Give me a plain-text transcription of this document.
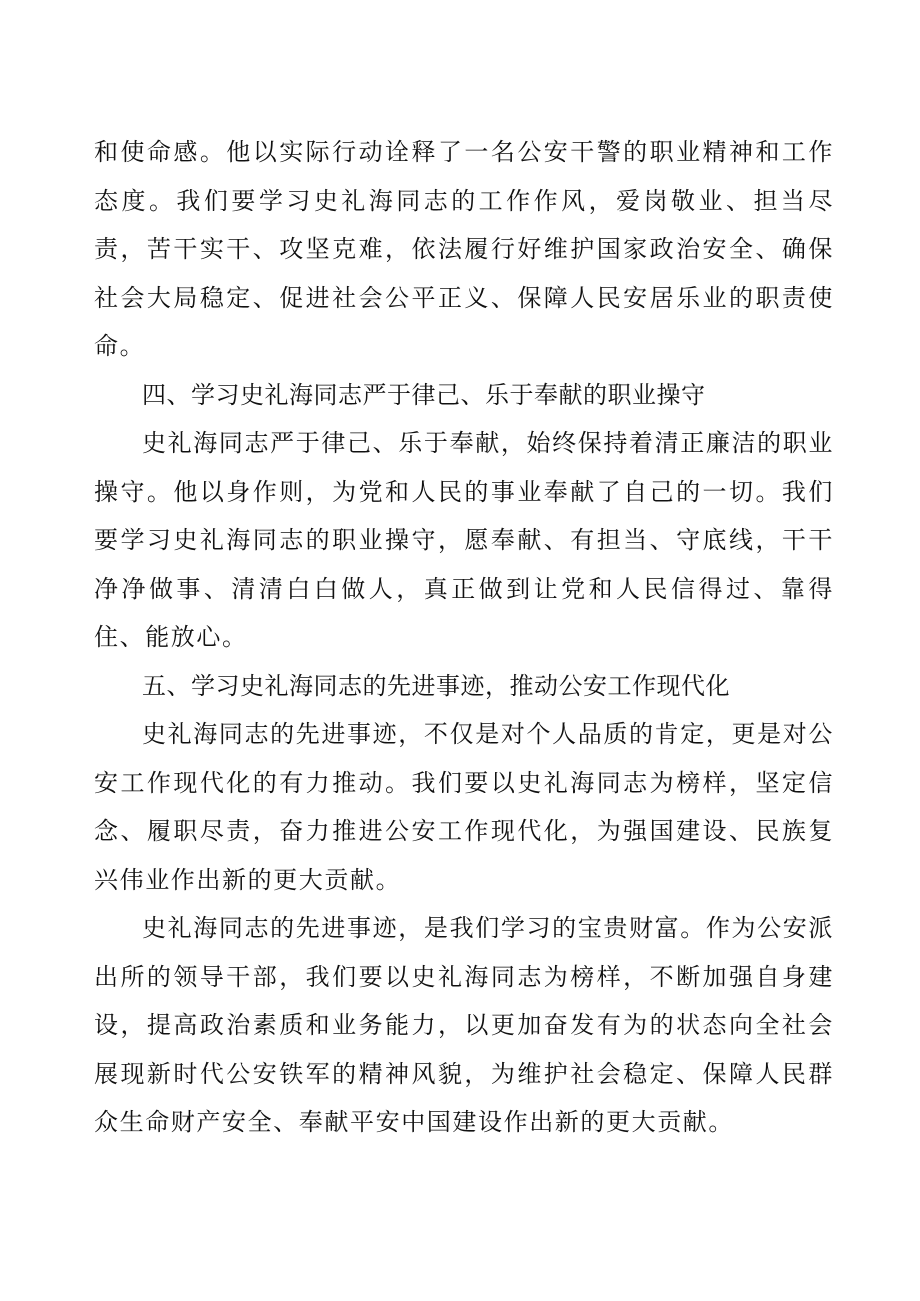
和使命感。他以实际行动诠释了一名公安干警的职业精神和工作态度。我们要学习史礼海同志的工作作风，爱岗敬业、担当尽责，苦干实干、攻坚克难，依法履行好维护国家政治安全、确保社会大局稳定、促进社会公平正义、保障人民安居乐业的职责使命。

四、学习史礼海同志严于律己、乐于奉献的职业操守

史礼海同志严于律己、乐于奉献，始终保持着清正廉洁的职业操守。他以身作则，为党和人民的事业奉献了自己的一切。我们要学习史礼海同志的职业操守，愿奉献、有担当、守底线，干干净净做事、清清白白做人，真正做到让党和人民信得过、靠得住、能放心。

五、学习史礼海同志的先进事迹，推动公安工作现代化

史礼海同志的先进事迹，不仅是对个人品质的肯定，更是对公安工作现代化的有力推动。我们要以史礼海同志为榜样，坚定信念、履职尽责，奋力推进公安工作现代化，为强国建设、民族复兴伟业作出新的更大贡献。

史礼海同志的先进事迹，是我们学习的宝贵财富。作为公安派出所的领导干部，我们要以史礼海同志为榜样，不断加强自身建设，提高政治素质和业务能力，以更加奋发有为的状态向全社会展现新时代公安铁军的精神风貌，为维护社会稳定、保障人民群众生命财产安全、奉献平安中国建设作出新的更大贡献。
